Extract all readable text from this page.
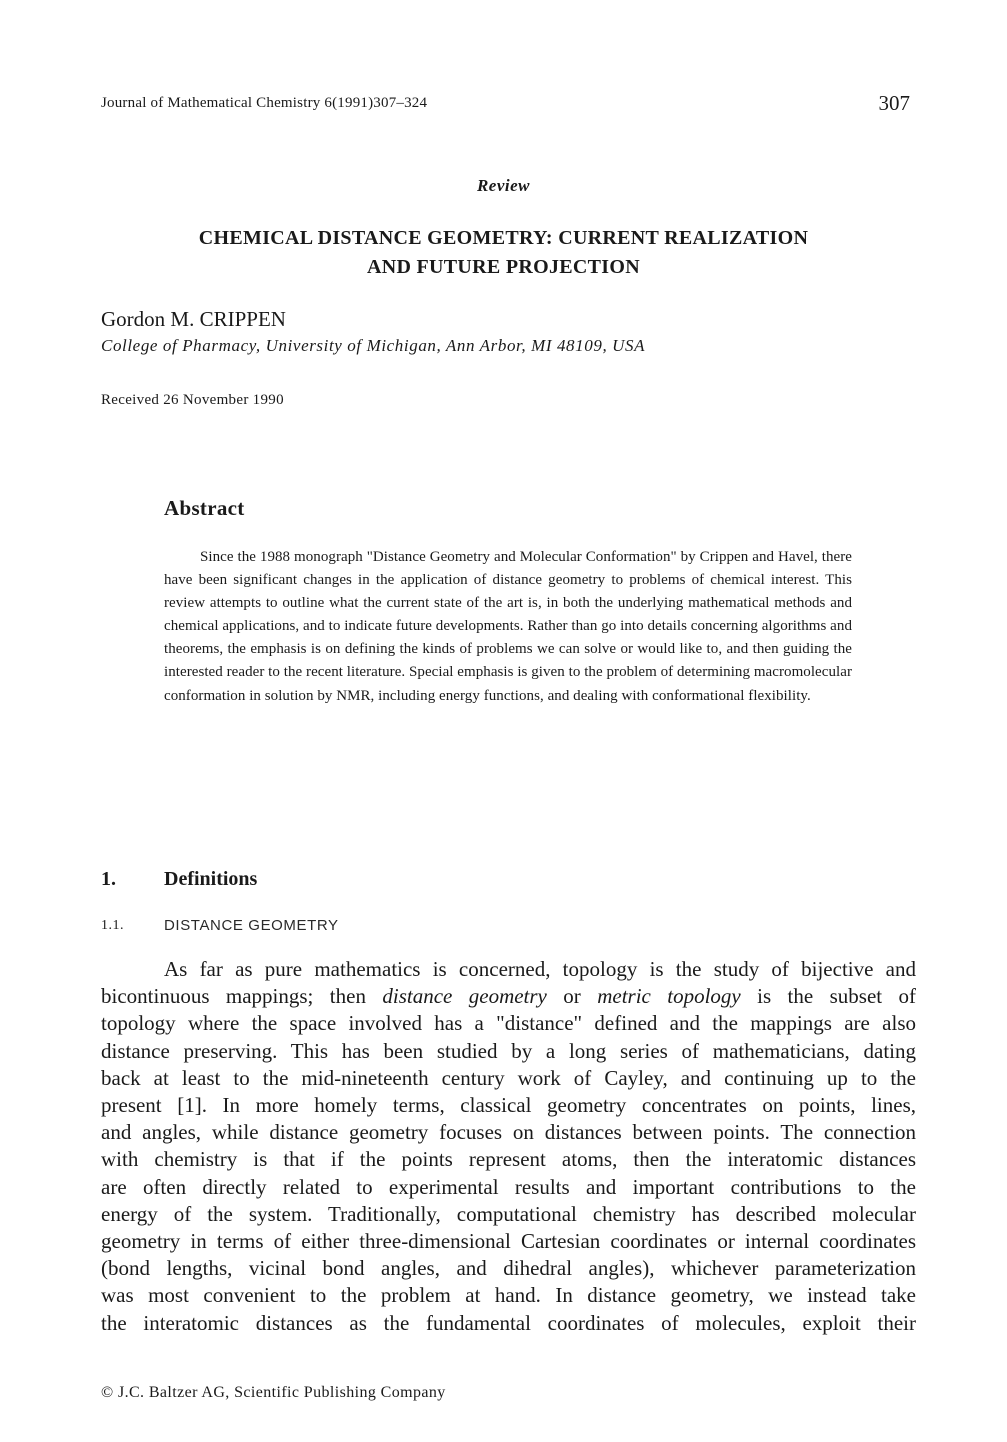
Journal of Mathematical Chemistry 6(1991)307–324	307
Review
CHEMICAL DISTANCE GEOMETRY: CURRENT REALIZATION
AND FUTURE PROJECTION
Gordon M. CRIPPEN
College of Pharmacy, University of Michigan, Ann Arbor, MI 48109, USA
Received 26 November 1990
Abstract
Since the 1988 monograph "Distance Geometry and Molecular Conformation" by Crippen and Havel, there have been significant changes in the application of distance geometry to problems of chemical interest. This review attempts to outline what the current state of the art is, in both the underlying mathematical methods and chemical applications, and to indicate future developments. Rather than go into details concerning algorithms and theorems, the emphasis is on defining the kinds of problems we can solve or would like to, and then guiding the interested reader to the recent literature. Special emphasis is given to the problem of determining macromolecular conformation in solution by NMR, including energy functions, and dealing with conformational flexibility.
1. Definitions
1.1.	DISTANCE GEOMETRY
As far as pure mathematics is concerned, topology is the study of bijective and
bicontinuous mappings; then distance geometry or metric topology is the subset of
topology where the space involved has a "distance" defined and the mappings are also
distance preserving. This has been studied by a long series of mathematicians, dating
back at least to the mid-nineteenth century work of Cayley, and continuing up to the
present [1]. In more homely terms, classical geometry concentrates on points, lines,
and angles, while distance geometry focuses on distances between points. The connection
with chemistry is that if the points represent atoms, then the interatomic distances
are often directly related to experimental results and important contributions to the
energy of the system. Traditionally, computational chemistry has described molecular
geometry in terms of either three-dimensional Cartesian coordinates or internal coordinates
(bond lengths, vicinal bond angles, and dihedral angles), whichever parameterization
was most convenient to the problem at hand. In distance geometry, we instead take
the interatomic distances as the fundamental coordinates of molecules, exploit their
© J.C. Baltzer AG, Scientific Publishing Company
